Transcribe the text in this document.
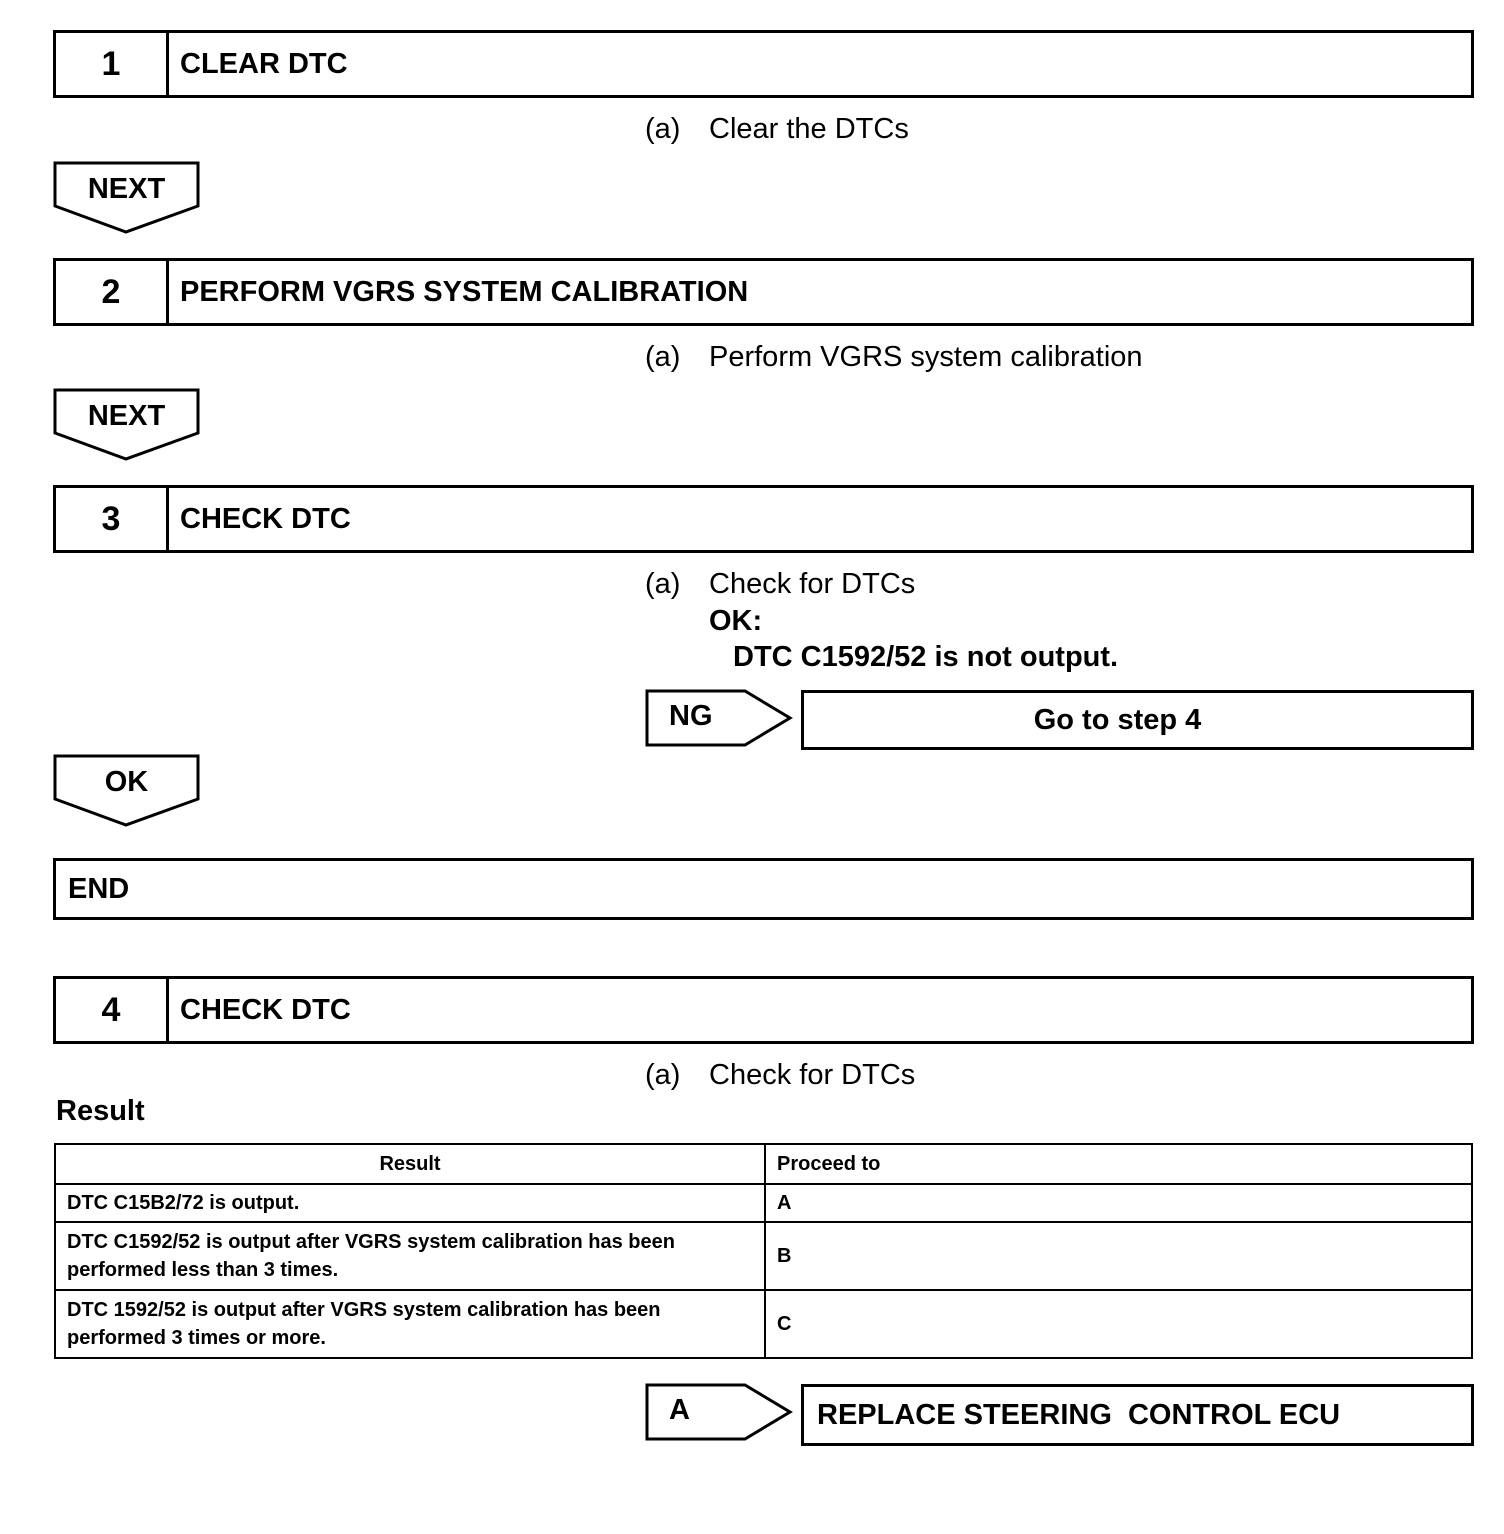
1	CLEAR DTC
(a) Clear the DTCs
NEXT
2	PERFORM VGRS SYSTEM CALIBRATION
(a) Perform VGRS system calibration
NEXT
3	CHECK DTC
(a) Check for DTCs
OK:
DTC C1592/52 is not output.
NG	Go to step 4
OK
END
4	CHECK DTC
(a) Check for DTCs
Result
Result	Proceed to
DTC C15B2/72 is output.	A
DTC C1592/52 is output after VGRS system calibration has been performed less than 3 times.	B
DTC 1592/52 is output after VGRS system calibration has been performed 3 times or more.	C
A	REPLACE STEERING  CONTROL ECU
